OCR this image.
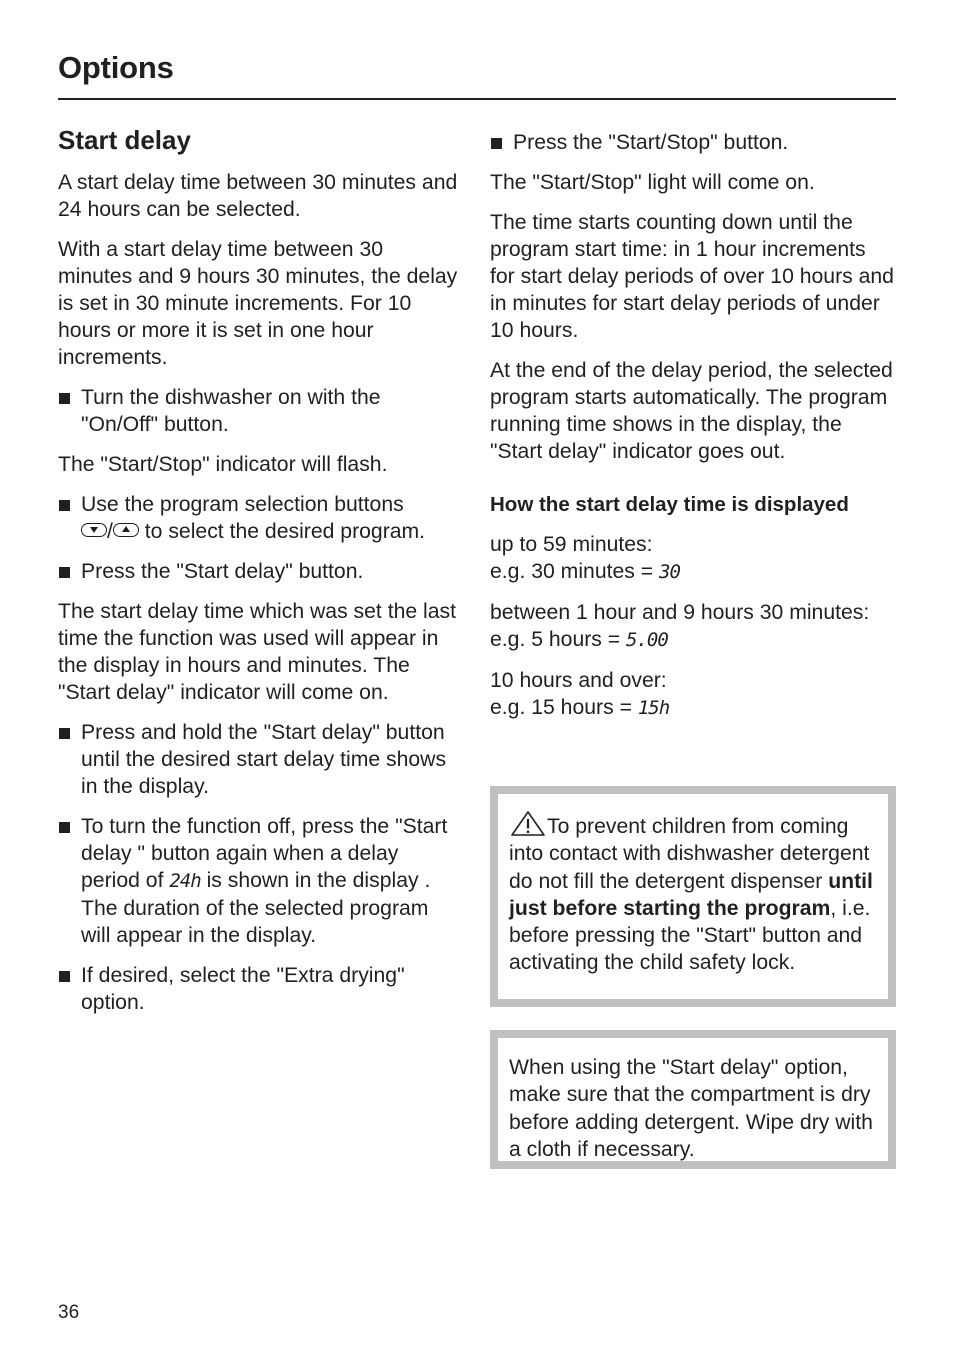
Options
Start delay

A start delay time between 30 minutes and 24 hours can be selected.

With a start delay time between 30 minutes and 9 hours 30 minutes, the delay is set in 30 minute increments. For 10 hours or more it is set in one hour increments.

Turn the dishwasher on with the "On/Off" button.

The "Start/Stop" indicator will flash.

Use the program selection buttons
/ to select the desired program.
Press the "Start delay" button.

The start delay time which was set the last time the function was used will appear in the display in hours and minutes. The "Start delay" indicator will come on.

Press and hold the "Start delay" button until the desired start delay time shows in the display.
To turn the function off, press the "Start delay " button again when a delay period of 24h is shown in the display .
The duration of the selected program will appear in the display.
If desired, select the "Extra drying" option.
Press the "Start/Stop" button.

The "Start/Stop" light will come on.

The time starts counting down until the program start time: in 1 hour increments for start delay periods of over 10 hours and in minutes for start delay periods of under 10 hours.

At the end of the delay period, the selected program starts automatically. The program running time shows in the display, the "Start delay" indicator goes out.

How the start delay time is displayed

up to 59 minutes:
e.g. 30 minutes = 30

between 1 hour and 9 hours 30 minutes:
e.g. 5 hours = 5.00

10 hours and over:
e.g. 15 hours = 15h

To prevent children from coming into contact with dishwasher detergent do not fill the detergent dispenser until just before starting the program, i.e. before pressing the "Start" button and activating the child safety lock.
When using the "Start delay" option, make sure that the compartment is dry before adding detergent. Wipe dry with a cloth if necessary.
36
